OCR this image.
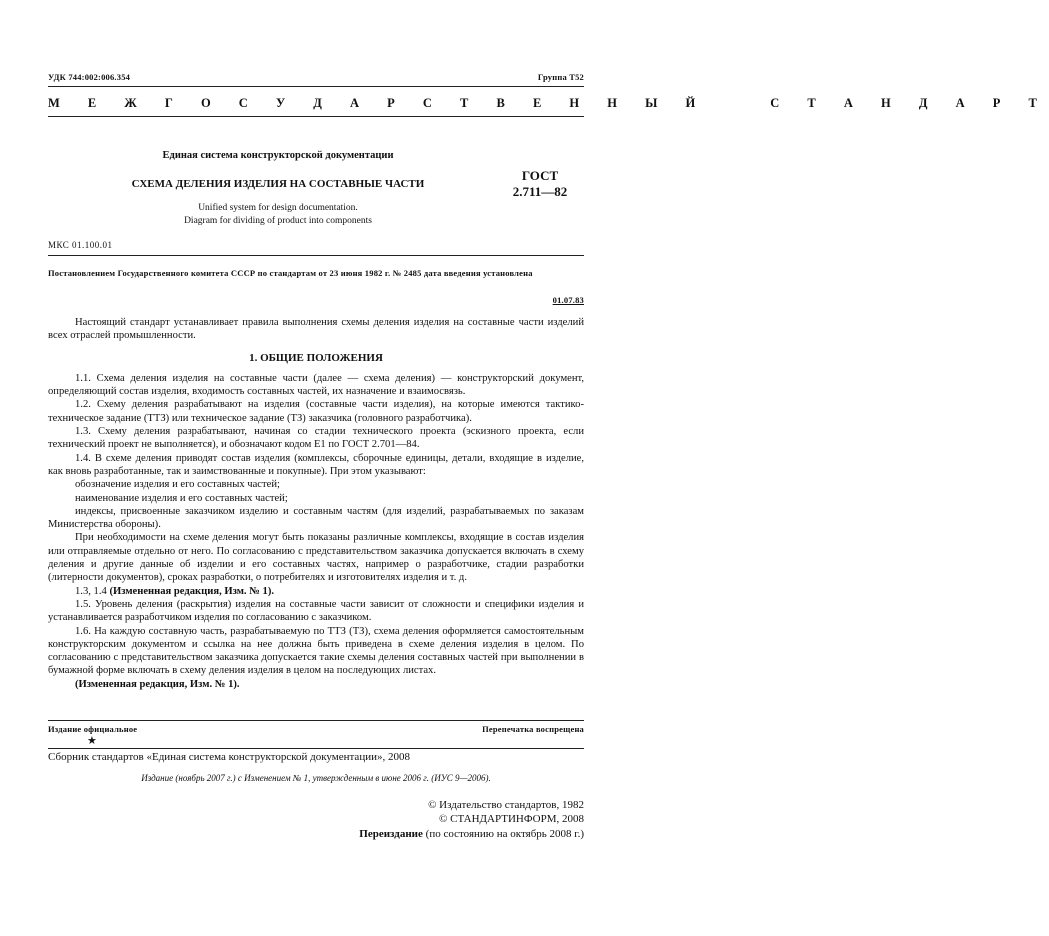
УДК 744:002:006.354	Группа Т52
М Е Ж Г О С У Д А Р С Т В Е Н Н Ы Й    С Т А Н Д А Р Т
Единая система конструкторской документации
СХЕМА ДЕЛЕНИЯ ИЗДЕЛИЯ НА СОСТАВНЫЕ ЧАСТИ
Unified system for design documentation.
Diagram for dividing of product into components
ГОСТ
2.711—82
МКС 01.100.01
Постановлением Государственного комитета СССР по стандартам от 23 июня 1982 г. № 2485 дата введения установлена
01.07.83

Настоящий стандарт устанавливает правила выполнения схемы деления изделия на составные части изделий всех отраслей промышленности.

1. ОБЩИЕ ПОЛОЖЕНИЯ

1.1. Схема деления изделия на составные части (далее — схема деления) — конструкторский документ, определяющий состав изделия, входимость составных частей, их назначение и взаимосвязь.

1.2. Схему деления разрабатывают на изделия (составные части изделия), на которые имеются тактико-техническое задание (ТТЗ) или техническое задание (ТЗ) заказчика (головного разработчика).

1.3. Схему деления разрабатывают, начиная со стадии технического проекта (эскизного проекта, если технический проект не выполняется), и обозначают кодом Е1 по ГОСТ 2.701—84.

1.4. В схеме деления приводят состав изделия (комплексы, сборочные единицы, детали, входящие в изделие, как вновь разработанные, так и заимствованные и покупные). При этом указывают:

обозначение изделия и его составных частей;

наименование изделия и его составных частей;

индексы, присвоенные заказчиком изделию и составным частям (для изделий, разрабатываемых по заказам Министерства обороны).

При необходимости на схеме деления могут быть показаны различные комплексы, входящие в состав изделия или отправляемые отдельно от него. По согласованию с представительством заказчика допускается включать в схему деления и другие данные об изделии и его составных частях, например о разработчике, стадии разработки (литерности документов), сроках разработки, о потребителях и изготовителях изделия и т. д.

1.3, 1.4 (Измененная редакция, Изм. № 1).

1.5. Уровень деления (раскрытия) изделия на составные части зависит от сложности и специфики изделия и устанавливается разработчиком изделия по согласованию с заказчиком.

1.6. На каждую составную часть, разрабатываемую по ТТЗ (ТЗ), схема деления оформляется самостоятельным конструкторским документом и ссылка на нее должна быть приведена в схеме деления изделия в целом. По согласованию с представительством заказчика допускается такие схемы деления составных частей при выполнении в бумажной форме включать в схему деления изделия в целом на последующих листах.

(Измененная редакция, Изм. № 1).

Издание официальное	Перепечатка воспрещена
★
Сборник стандартов «Единая система конструкторской документации», 2008
Издание (ноябрь 2007 г.) с Изменением № 1, утвержденным в июне 2006 г. (ИУС 9—2006).
© Издательство стандартов, 1982
© СТАНДАРТИНФОРМ, 2008
Переиздание (по состоянию на октябрь 2008 г.)
